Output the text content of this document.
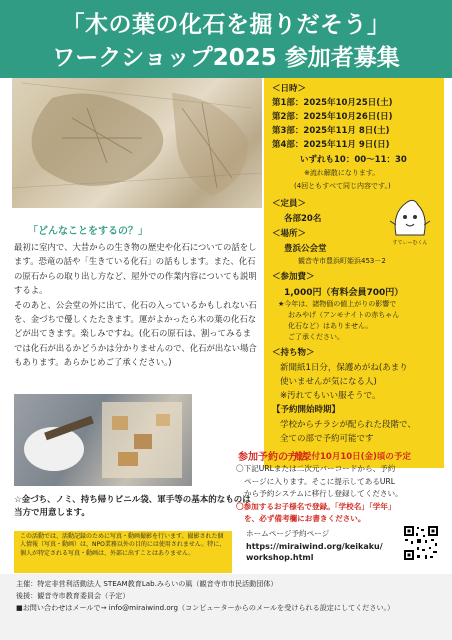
「木の葉の化石を掘りだそう」
ワークショップ2025 参加者募集
＜日時＞
第1部：2025年10月25日(土)
第2部：2025年10月26日(日)
第3部：2025年11月 8日(土)
第4部：2025年11月 9日(日)
いずれも10：00～11：30
※流れ解散になります。
(4回ともすべて同じ内容です。)
＜定員＞
各部20名
＜場所＞
豊浜公会堂
観音寺市豊浜町姫浜453－2
＜参加費＞
1,000円（有料会員700円）
★今年は、諸物価の値上がりの影響で
おみやげ（アンモナイトの赤ちゃん
化石など）はありません。
ご了承ください。
＜持ち物＞
新聞紙1日分，保護めがね(あまり
使いませんが気になる人)
※汚れてもいい服そうで。
【予約開始時期】
学校からチラシが配られた段階で、
全ての部で予約可能です
一般受付10月10日(金)頃の予定
すてぃーむくん
「どんなことをするの？」

最初に室内で、大昔からの生き物の歴史や化石についての話をします。恐竜の話や「生きている化石」の話もします。また、化石の原石からの取り出し方など、屋外での作業内容についても説明するよ。

そのあと、公会堂の外に出て、化石の入っているかもしれない石を、金づちで優しくたたきます。運がよかったら木の葉の化石などが出てきます。楽しみですね。(化石の原石は、割ってみるまでは化石が出るかどうかは分かりませんので、化石が出ない場合もあります。あらかじめご了承ください。)

☆金づち、ノミ、持ち帰りビニル袋、軍手等の基本的なものは当方で用意します。
この活動では、活動記録のために写真・動画撮影を行います。撮影された個人情報（写真・動画）は、NPO業務以外の目的には使用されません。特に、個人が特定される写真・動画は、外部に出すことはありません。
参加予約の方法
〇下記URLまたは二次元バーコードから、予約
ページに入ります。そこに提示してあるURL
から予約システムに移行し登録してください。
〇参加するお子様名で登録。「学校名」「学年」
を、必ず備考欄にお書きください。
ホームページ予約ページ
https://miraiwind.org/keikaku/
workshop.html
主催：特定非営利活動法人 STEAM教育Lab.みらいの風（観音寺市市民活動団体）
後援：観音寺市教育委員会（予定）
■お問い合わせはメールで→ info@miraiwind.org（コンピューターからのメールを受けられる設定にしてください。）
